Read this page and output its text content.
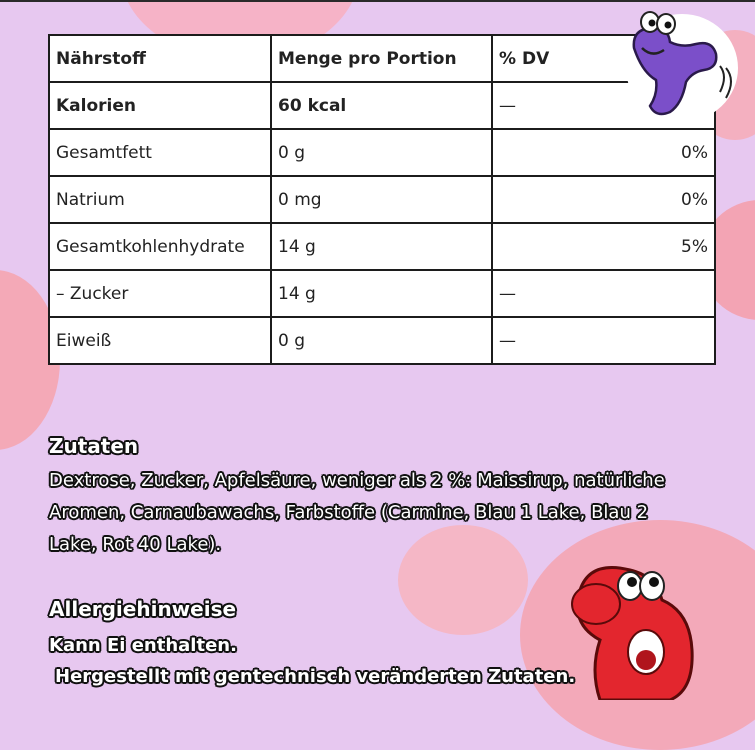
Nährstoff	Menge pro Portion	% DV
Kalorien	60 kcal	—
Gesamtfett	0 g	0%
Natrium	0 mg	0%
Gesamtkohlenhydrate	14 g	5%
– Zucker	14 g	—
Eiweiß	0 g	—
Zutaten
Dextrose, Zucker, Apfelsäure, weniger als 2 %: Maissirup, natürliche
Aromen, Carnaubawachs, Farbstoffe (Carmine, Blau 1 Lake, Blau 2
Lake, Rot 40 Lake).
Allergiehinweise
Kann Ei enthalten.
Hergestellt mit gentechnisch veränderten Zutaten.
